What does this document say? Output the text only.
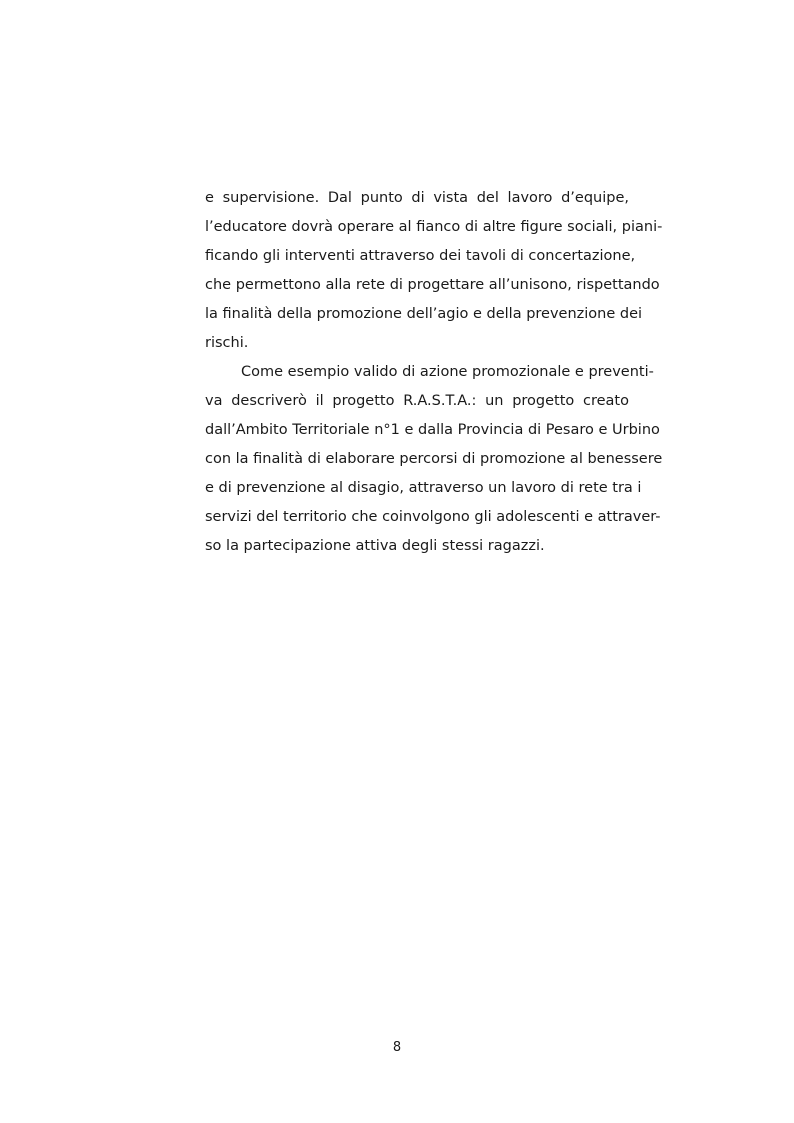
e supervisione. Dal punto di vista del lavoro d’equipe,
l’educatore dovrà operare al fianco di altre figure sociali, piani-
ficando gli interventi attraverso dei tavoli di concertazione,
che permettono alla rete di progettare all’unisono, rispettando
la finalità della promozione dell’agio e della prevenzione dei
rischi.
Come esempio valido di azione promozionale e preventi-
va descriverò il progetto R.A.S.T.A.: un progetto creato
dall’Ambito Territoriale n°1 e dalla Provincia di Pesaro e Urbino
con la finalità di elaborare percorsi di promozione al benessere
e di prevenzione al disagio, attraverso un lavoro di rete tra i
servizi del territorio che coinvolgono gli adolescenti e attraver-
so la partecipazione attiva degli stessi ragazzi.
8
